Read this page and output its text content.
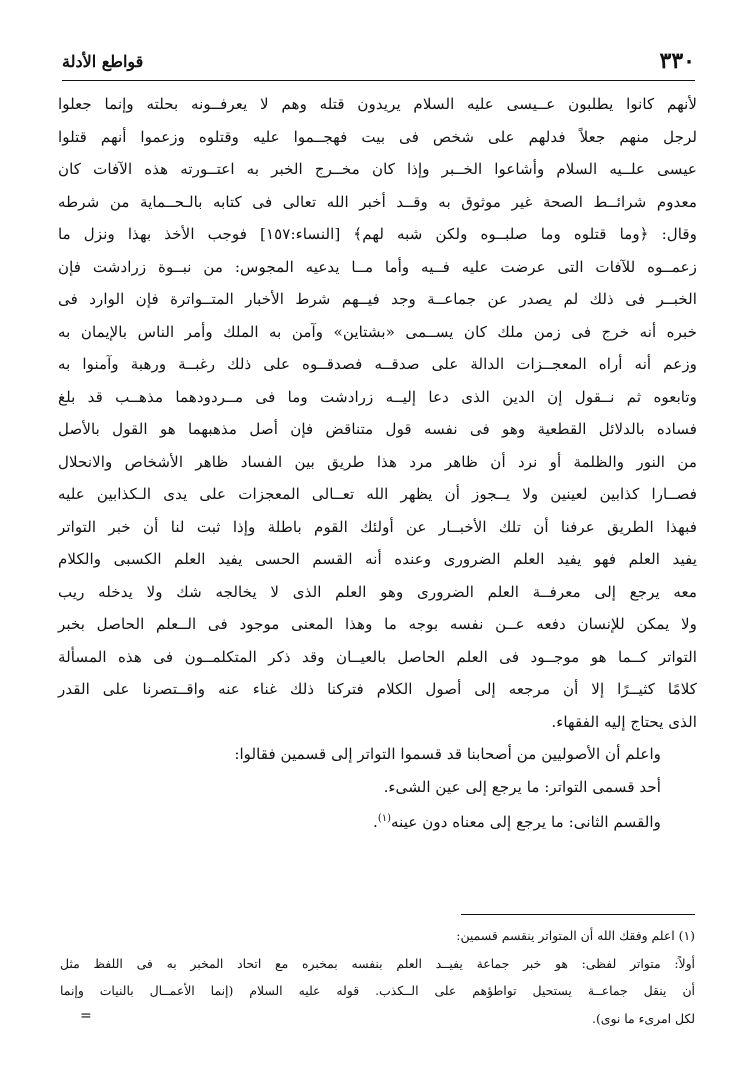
٣٣٠
قواطع الأدلة
لأنهم كانوا يطلبون عــيسى عليه السلام يريدون قتله وهم لا يعرفــونه بحلته وإنما جعلوا
لرجل منهم جعلاً فدلهم على شخص فى بيت فهجــموا عليه وقتلوه وزعموا أنهم قتلوا
عيسى علــيه السلام وأشاعوا الخــبر وإذا كان مخــرج الخبر به اعتــورته هذه الآفات كان
معدوم شرائــط الصحة غير موثوق به وقــد أخبر الله تعالى فى كتابه بالـحــماية من شرطه
وقال: ﴿وما قتلوه وما صلبــوه ولكن شبه لهم﴾ [النساء:١٥٧] فوجب الأخذ بهذا ونزل ما
زعمــوه للآفات التى عرضت عليه فــيه وأما مــا يدعيه المجوس: من نبــوة زرادشت فإن
الخبــر فى ذلك لم يصدر عن جماعــة وجد فيــهم شرط الأخبار المتــواترة فإن الوارد فى
خبره أنه خرج فى زمن ملك كان يســمى «بشتاين» وآمن به الملك وأمر الناس بالإيمان به
وزعم أنه أراه المعجــزات الدالة على صدقــه فصدقــوه على ذلك رغبــة ورهبة وآمنوا به
وتابعوه ثم نــقول إن الدين الذى دعا إليــه زرادشت وما فى مــردودهما مذهــب قد بلغ
فساده بالدلائل القطعية وهو فى نفسه قول متناقض فإن أصل مذهبهما هو القول بالأصل
من النور والظلمة أو نرد أن ظاهر مرد هذا طريق بين الفساد ظاهر الأشخاص والانحلال
فصــارا كذابين لعينين ولا يــجوز أن يظهر الله تعــالى المعجزات على يدى الـكذابين عليه
فبهذا الطريق عرفنا أن تلك الأخبــار عن أولئك القوم باطلة وإذا ثبت لنا أن خبر التواتر
يفيد العلم فهو يفيد العلم الضرورى وعنده أنه القسم الحسى يفيد العلم الكسبى والكلام
معه يرجع إلى معرفــة العلم الضرورى وهو العلم الذى لا يخالجه شك ولا يدخله ريب
ولا يمكن للإنسان دفعه عــن نفسه بوجه ما وهذا المعنى موجود فى الــعلم الحاصل بخبر
التواتر كــما هو موجــود فى العلم الحاصل بالعيــان وقد ذكر المتكلمــون فى هذه المسألة
كلامًا كثيــرًا إلا أن مرجعه إلى أصول الكلام فتركنا ذلك غناء عنه واقــتصرنا على القدر
الذى يحتاج إليه الفقهاء.
واعلم أن الأصوليين من أصحابنا قد قسموا التواتر إلى قسمين فقالوا:
أحد قسمى التواتر: ما يرجع إلى عين الشىء.
والقسم الثانى: ما يرجع إلى معناه دون عينه$^{(١)}$.
(١) اعلم وفقك الله أن المتواتر ينقسم قسمين:
أولاً: متواتر لفظى: هو خبر جماعة يفيــد العلم بنفسه بمخبره مع اتحاد المخبر به فى اللفظ مثل
أن ينقل جماعــة يستحيل تواطؤهم على الــكذب. قوله عليه السلام (إنما الأعمــال بالنيات وإنما
لكل امرىء ما نوى).
=
